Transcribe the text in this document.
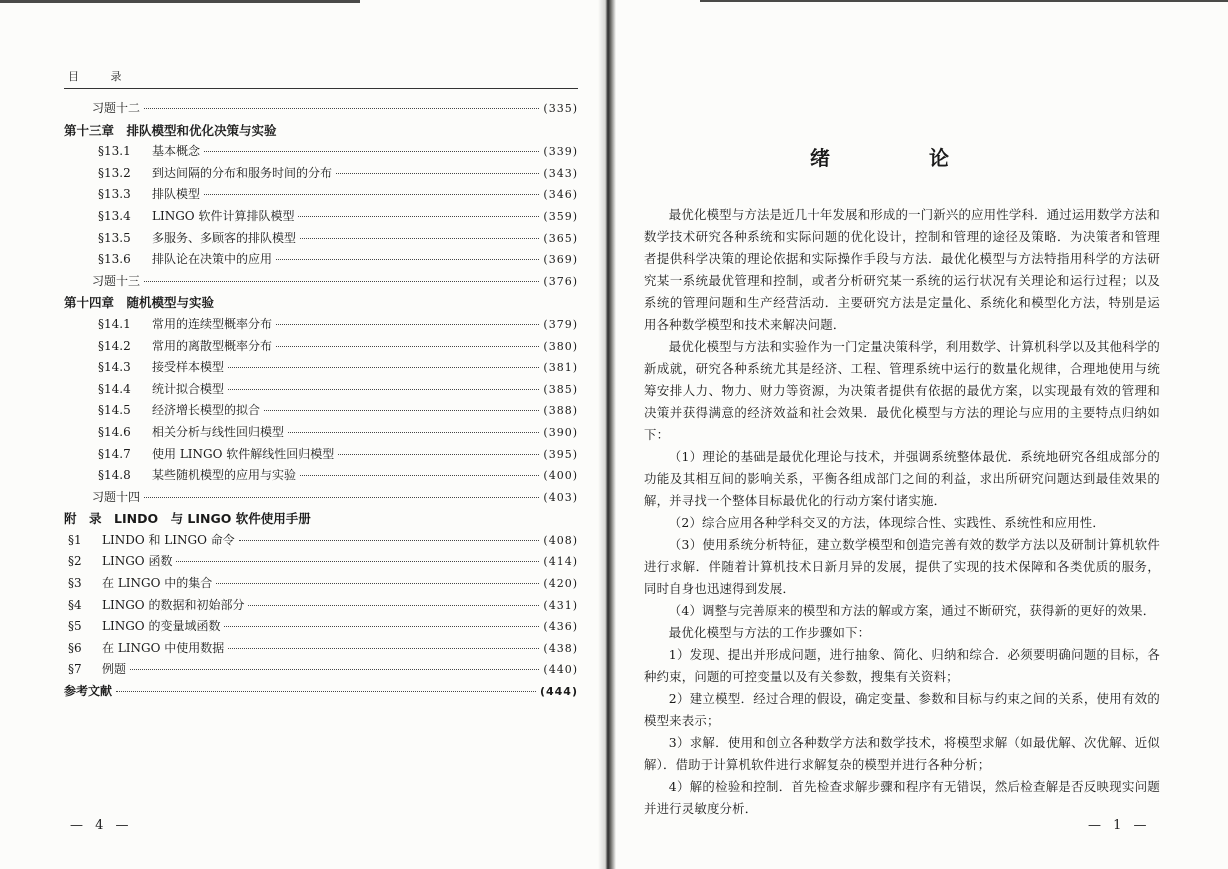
目 录
习题十二	(335)
第十三章　排队模型和优化决策与实验
§13.1	基本概念	(339)
§13.2	到达间隔的分布和服务时间的分布	(343)
§13.3	排队模型	(346)
§13.4	LINGO 软件计算排队模型	(359)
§13.5	多服务、多顾客的排队模型	(365)
§13.6	排队论在决策中的应用	(369)
习题十三	(376)
第十四章　随机模型与实验
§14.1	常用的连续型概率分布	(379)
§14.2	常用的离散型概率分布	(380)
§14.3	接受样本模型	(381)
§14.4	统计拟合模型	(385)
§14.5	经济增长模型的拟合	(388)
§14.6	相关分析与线性回归模型	(390)
§14.7	使用 LINGO 软件解线性回归模型	(395)
§14.8	某些随机模型的应用与实验	(400)
习题十四	(403)
附　录　LINDO　与 LINGO 软件使用手册
§1	LINDO 和 LINGO 命令	(408)
§2	LINGO 函数	(414)
§3	在 LINGO 中的集合	(420)
§4	LINGO 的数据和初始部分	(431)
§5	LINGO 的变量域函数	(436)
§6	在 LINGO 中使用数据	(438)
§7	例题	(440)
参考文献	(444)
— 4 —
绪 论

最优化模型与方法是近几十年发展和形成的一门新兴的应用性学科．通过运用数学方法和数学技术研究各种系统和实际问题的优化设计，控制和管理的途径及策略．为决策者和管理者提供科学决策的理论依据和实际操作手段与方法．最优化模型与方法特指用科学的方法研究某一系统最优管理和控制，或者分析研究某一系统的运行状况有关理论和运行过程；以及系统的管理问题和生产经营活动．主要研究方法是定量化、系统化和模型化方法，特别是运用各种数学模型和技术来解决问题．

最优化模型与方法和实验作为一门定量决策科学，利用数学、计算机科学以及其他科学的新成就，研究各种系统尤其是经济、工程、管理系统中运行的数量化规律，合理地使用与统筹安排人力、物力、财力等资源，为决策者提供有依据的最优方案，以实现最有效的管理和决策并获得满意的经济效益和社会效果．最优化模型与方法的理论与应用的主要特点归纳如下：

（1）理论的基础是最优化理论与技术，并强调系统整体最优．系统地研究各组成部分的功能及其相互间的影响关系，平衡各组成部门之间的利益，求出所研究问题达到最佳效果的解，并寻找一个整体目标最优化的行动方案付诸实施．

（2）综合应用各种学科交叉的方法，体现综合性、实践性、系统性和应用性．

（3）使用系统分析特征，建立数学模型和创造完善有效的数学方法以及研制计算机软件进行求解．伴随着计算机技术日新月异的发展，提供了实现的技术保障和各类优质的服务，同时自身也迅速得到发展．

（4）调整与完善原来的模型和方法的解或方案，通过不断研究，获得新的更好的效果．

最优化模型与方法的工作步骤如下：

1）发现、提出并形成问题，进行抽象、简化、归纳和综合．必须要明确问题的目标，各种约束，问题的可控变量以及有关参数，搜集有关资料；

2）建立模型．经过合理的假设，确定变量、参数和目标与约束之间的关系，使用有效的模型来表示；

3）求解．使用和创立各种数学方法和数学技术，将模型求解（如最优解、次优解、近似解）．借助于计算机软件进行求解复杂的模型并进行各种分析；

4）解的检验和控制．首先检查求解步骤和程序有无错误，然后检查解是否反映现实问题并进行灵敏度分析．

— 1 —
